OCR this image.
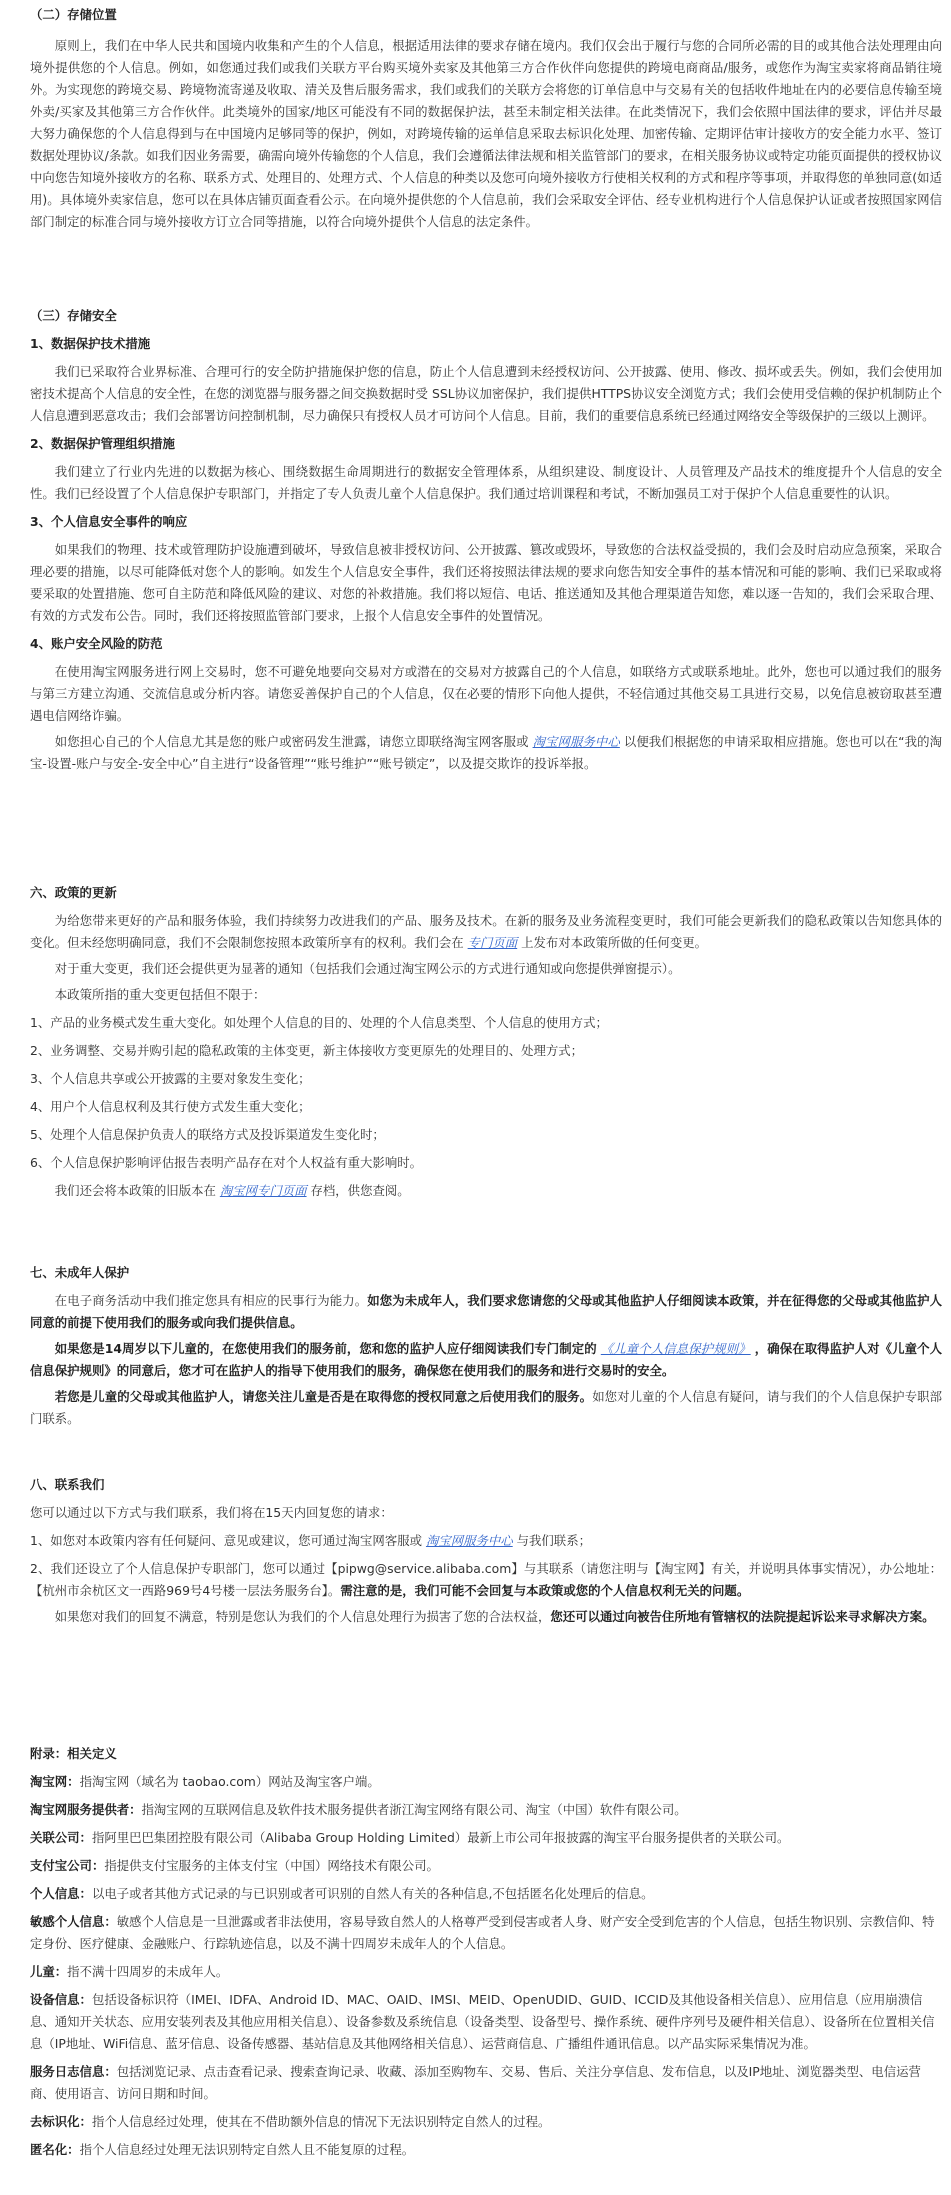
（二）存储位置

原则上，我们在中华人民共和国境内收集和产生的个人信息，根据适用法律的要求存储在境内。我们仅会出于履行与您的合同所必需的目的或其他合法处理理由向境外提供您的个人信息。例如，如您通过我们或我们关联方平台购买境外卖家及其他第三方合作伙伴向您提供的跨境电商商品/服务，或您作为淘宝卖家将商品销往境外。为实现您的跨境交易、跨境物流寄递及收取、清关及售后服务需求，我们或我们的关联方会将您的订单信息中与交易有关的包括收件地址在内的必要信息传输至境外卖/买家及其他第三方合作伙伴。此类境外的国家/地区可能没有不同的数据保护法，甚至未制定相关法律。在此类情况下，我们会依照中国法律的要求，评估并尽最大努力确保您的个人信息得到与在中国境内足够同等的保护，例如，对跨境传输的运单信息采取去标识化处理、加密传输、定期评估审计接收方的安全能力水平、签订数据处理协议/条款。如我们因业务需要，确需向境外传输您的个人信息，我们会遵循法律法规和相关监管部门的要求，在相关服务协议或特定功能页面提供的授权协议中向您告知境外接收方的名称、联系方式、处理目的、处理方式、个人信息的种类以及您可向境外接收方行使相关权利的方式和程序等事项，并取得您的单独同意(如适用)。具体境外卖家信息，您可以在具体店铺页面查看公示。在向境外提供您的个人信息前，我们会采取安全评估、经专业机构进行个人信息保护认证或者按照国家网信部门制定的标准合同与境外接收方订立合同等措施，以符合向境外提供个人信息的法定条件。

（三）存储安全

1、数据保护技术措施

我们已采取符合业界标准、合理可行的安全防护措施保护您的信息，防止个人信息遭到未经授权访问、公开披露、使用、修改、损坏或丢失。例如，我们会使用加密技术提高个人信息的安全性，在您的浏览器与服务器之间交换数据时受 SSL协议加密保护，我们提供HTTPS协议安全浏览方式；我们会使用受信赖的保护机制防止个人信息遭到恶意攻击；我们会部署访问控制机制，尽力确保只有授权人员才可访问个人信息。目前，我们的重要信息系统已经通过网络安全等级保护的三级以上测评。

2、数据保护管理组织措施

我们建立了行业内先进的以数据为核心、围绕数据生命周期进行的数据安全管理体系，从组织建设、制度设计、人员管理及产品技术的维度提升个人信息的安全性。我们已经设置了个人信息保护专职部门，并指定了专人负责儿童个人信息保护。我们通过培训课程和考试，不断加强员工对于保护个人信息重要性的认识。

3、个人信息安全事件的响应

如果我们的物理、技术或管理防护设施遭到破坏，导致信息被非授权访问、公开披露、篡改或毁坏，导致您的合法权益受损的，我们会及时启动应急预案，采取合理必要的措施，以尽可能降低对您个人的影响。如发生个人信息安全事件，我们还将按照法律法规的要求向您告知安全事件的基本情况和可能的影响、我们已采取或将要采取的处置措施、您可自主防范和降低风险的建议、对您的补救措施。我们将以短信、电话、推送通知及其他合理渠道告知您，难以逐一告知的，我们会采取合理、有效的方式发布公告。同时，我们还将按照监管部门要求，上报个人信息安全事件的处置情况。

4、账户安全风险的防范

在使用淘宝网服务进行网上交易时，您不可避免地要向交易对方或潜在的交易对方披露自己的个人信息，如联络方式或联系地址。此外，您也可以通过我们的服务与第三方建立沟通、交流信息或分析内容。请您妥善保护自己的个人信息，仅在必要的情形下向他人提供，不轻信通过其他交易工具进行交易，以免信息被窃取甚至遭遇电信网络诈骗。

如您担心自己的个人信息尤其是您的账户或密码发生泄露，请您立即联络淘宝网客服或 淘宝网服务中心 以便我们根据您的申请采取相应措施。您也可以在“我的淘宝-设置-账户与安全-安全中心”自主进行“设备管理”“账号维护”“账号锁定”，以及提交欺诈的投诉举报。

六、政策的更新

为给您带来更好的产品和服务体验，我们持续努力改进我们的产品、服务及技术。在新的服务及业务流程变更时，我们可能会更新我们的隐私政策以告知您具体的变化。但未经您明确同意，我们不会限制您按照本政策所享有的权利。我们会在 专门页面 上发布对本政策所做的任何变更。

对于重大变更，我们还会提供更为显著的通知（包括我们会通过淘宝网公示的方式进行通知或向您提供弹窗提示）。

本政策所指的重大变更包括但不限于：

1、产品的业务模式发生重大变化。如处理个人信息的目的、处理的个人信息类型、个人信息的使用方式；

2、业务调整、交易并购引起的隐私政策的主体变更，新主体接收方变更原先的处理目的、处理方式；

3、个人信息共享或公开披露的主要对象发生变化；

4、用户个人信息权利及其行使方式发生重大变化；

5、处理个人信息保护负责人的联络方式及投诉渠道发生变化时；

6、个人信息保护影响评估报告表明产品存在对个人权益有重大影响时。

我们还会将本政策的旧版本在 淘宝网专门页面 存档，供您查阅。

七、未成年人保护

在电子商务活动中我们推定您具有相应的民事行为能力。如您为未成年人，我们要求您请您的父母或其他监护人仔细阅读本政策，并在征得您的父母或其他监护人同意的前提下使用我们的服务或向我们提供信息。

如果您是14周岁以下儿童的，在您使用我们的服务前，您和您的监护人应仔细阅读我们专门制定的 《儿童个人信息保护规则》 ，确保在取得监护人对《儿童个人信息保护规则》的同意后，您才可在监护人的指导下使用我们的服务，确保您在使用我们的服务和进行交易时的安全。

若您是儿童的父母或其他监护人，请您关注儿童是否是在取得您的授权同意之后使用我们的服务。如您对儿童的个人信息有疑问，请与我们的个人信息保护专职部门联系。

八、联系我们

您可以通过以下方式与我们联系，我们将在15天内回复您的请求：

1、如您对本政策内容有任何疑问、意见或建议，您可通过淘宝网客服或 淘宝网服务中心 与我们联系；

2、我们还设立了个人信息保护专职部门，您可以通过【pipwg@service.alibaba.com】与其联系（请您注明与【淘宝网】有关，并说明具体事实情况），办公地址：【杭州市余杭区文一西路969号4号楼一层法务服务台】。需注意的是，我们可能不会回复与本政策或您的个人信息权利无关的问题。

如果您对我们的回复不满意，特别是您认为我们的个人信息处理行为损害了您的合法权益，您还可以通过向被告住所地有管辖权的法院提起诉讼来寻求解决方案。

附录：相关定义

淘宝网：指淘宝网（域名为 taobao.com）网站及淘宝客户端。

淘宝网服务提供者：指淘宝网的互联网信息及软件技术服务提供者浙江淘宝网络有限公司、淘宝（中国）软件有限公司。

关联公司：指阿里巴巴集团控股有限公司（Alibaba Group Holding Limited）最新上市公司年报披露的淘宝平台服务提供者的关联公司。

支付宝公司：指提供支付宝服务的主体支付宝（中国）网络技术有限公司。

个人信息：以电子或者其他方式记录的与已识别或者可识别的自然人有关的各种信息,不包括匿名化处理后的信息。

敏感个人信息：敏感个人信息是一旦泄露或者非法使用，容易导致自然人的人格尊严受到侵害或者人身、财产安全受到危害的个人信息，包括生物识别、宗教信仰、特定身份、医疗健康、金融账户、行踪轨迹信息，以及不满十四周岁未成年人的个人信息。

儿童：指不满十四周岁的未成年人。

设备信息：包括设备标识符（IMEI、IDFA、Android ID、MAC、OAID、IMSI、MEID、OpenUDID、GUID、ICCID及其他设备相关信息）、应用信息（应用崩溃信息、通知开关状态、应用安装列表及其他应用相关信息）、设备参数及系统信息（设备类型、设备型号、操作系统、硬件序列号及硬件相关信息）、设备所在位置相关信息（IP地址、WiFi信息、蓝牙信息、设备传感器、基站信息及其他网络相关信息）、运营商信息、广播组件通讯信息。以产品实际采集情况为准。

服务日志信息：包括浏览记录、点击查看记录、搜索查询记录、收藏、添加至购物车、交易、售后、关注分享信息、发布信息，以及IP地址、浏览器类型、电信运营商、使用语言、访问日期和时间。

去标识化：指个人信息经过处理，使其在不借助额外信息的情况下无法识别特定自然人的过程。

匿名化：指个人信息经过处理无法识别特定自然人且不能复原的过程。
